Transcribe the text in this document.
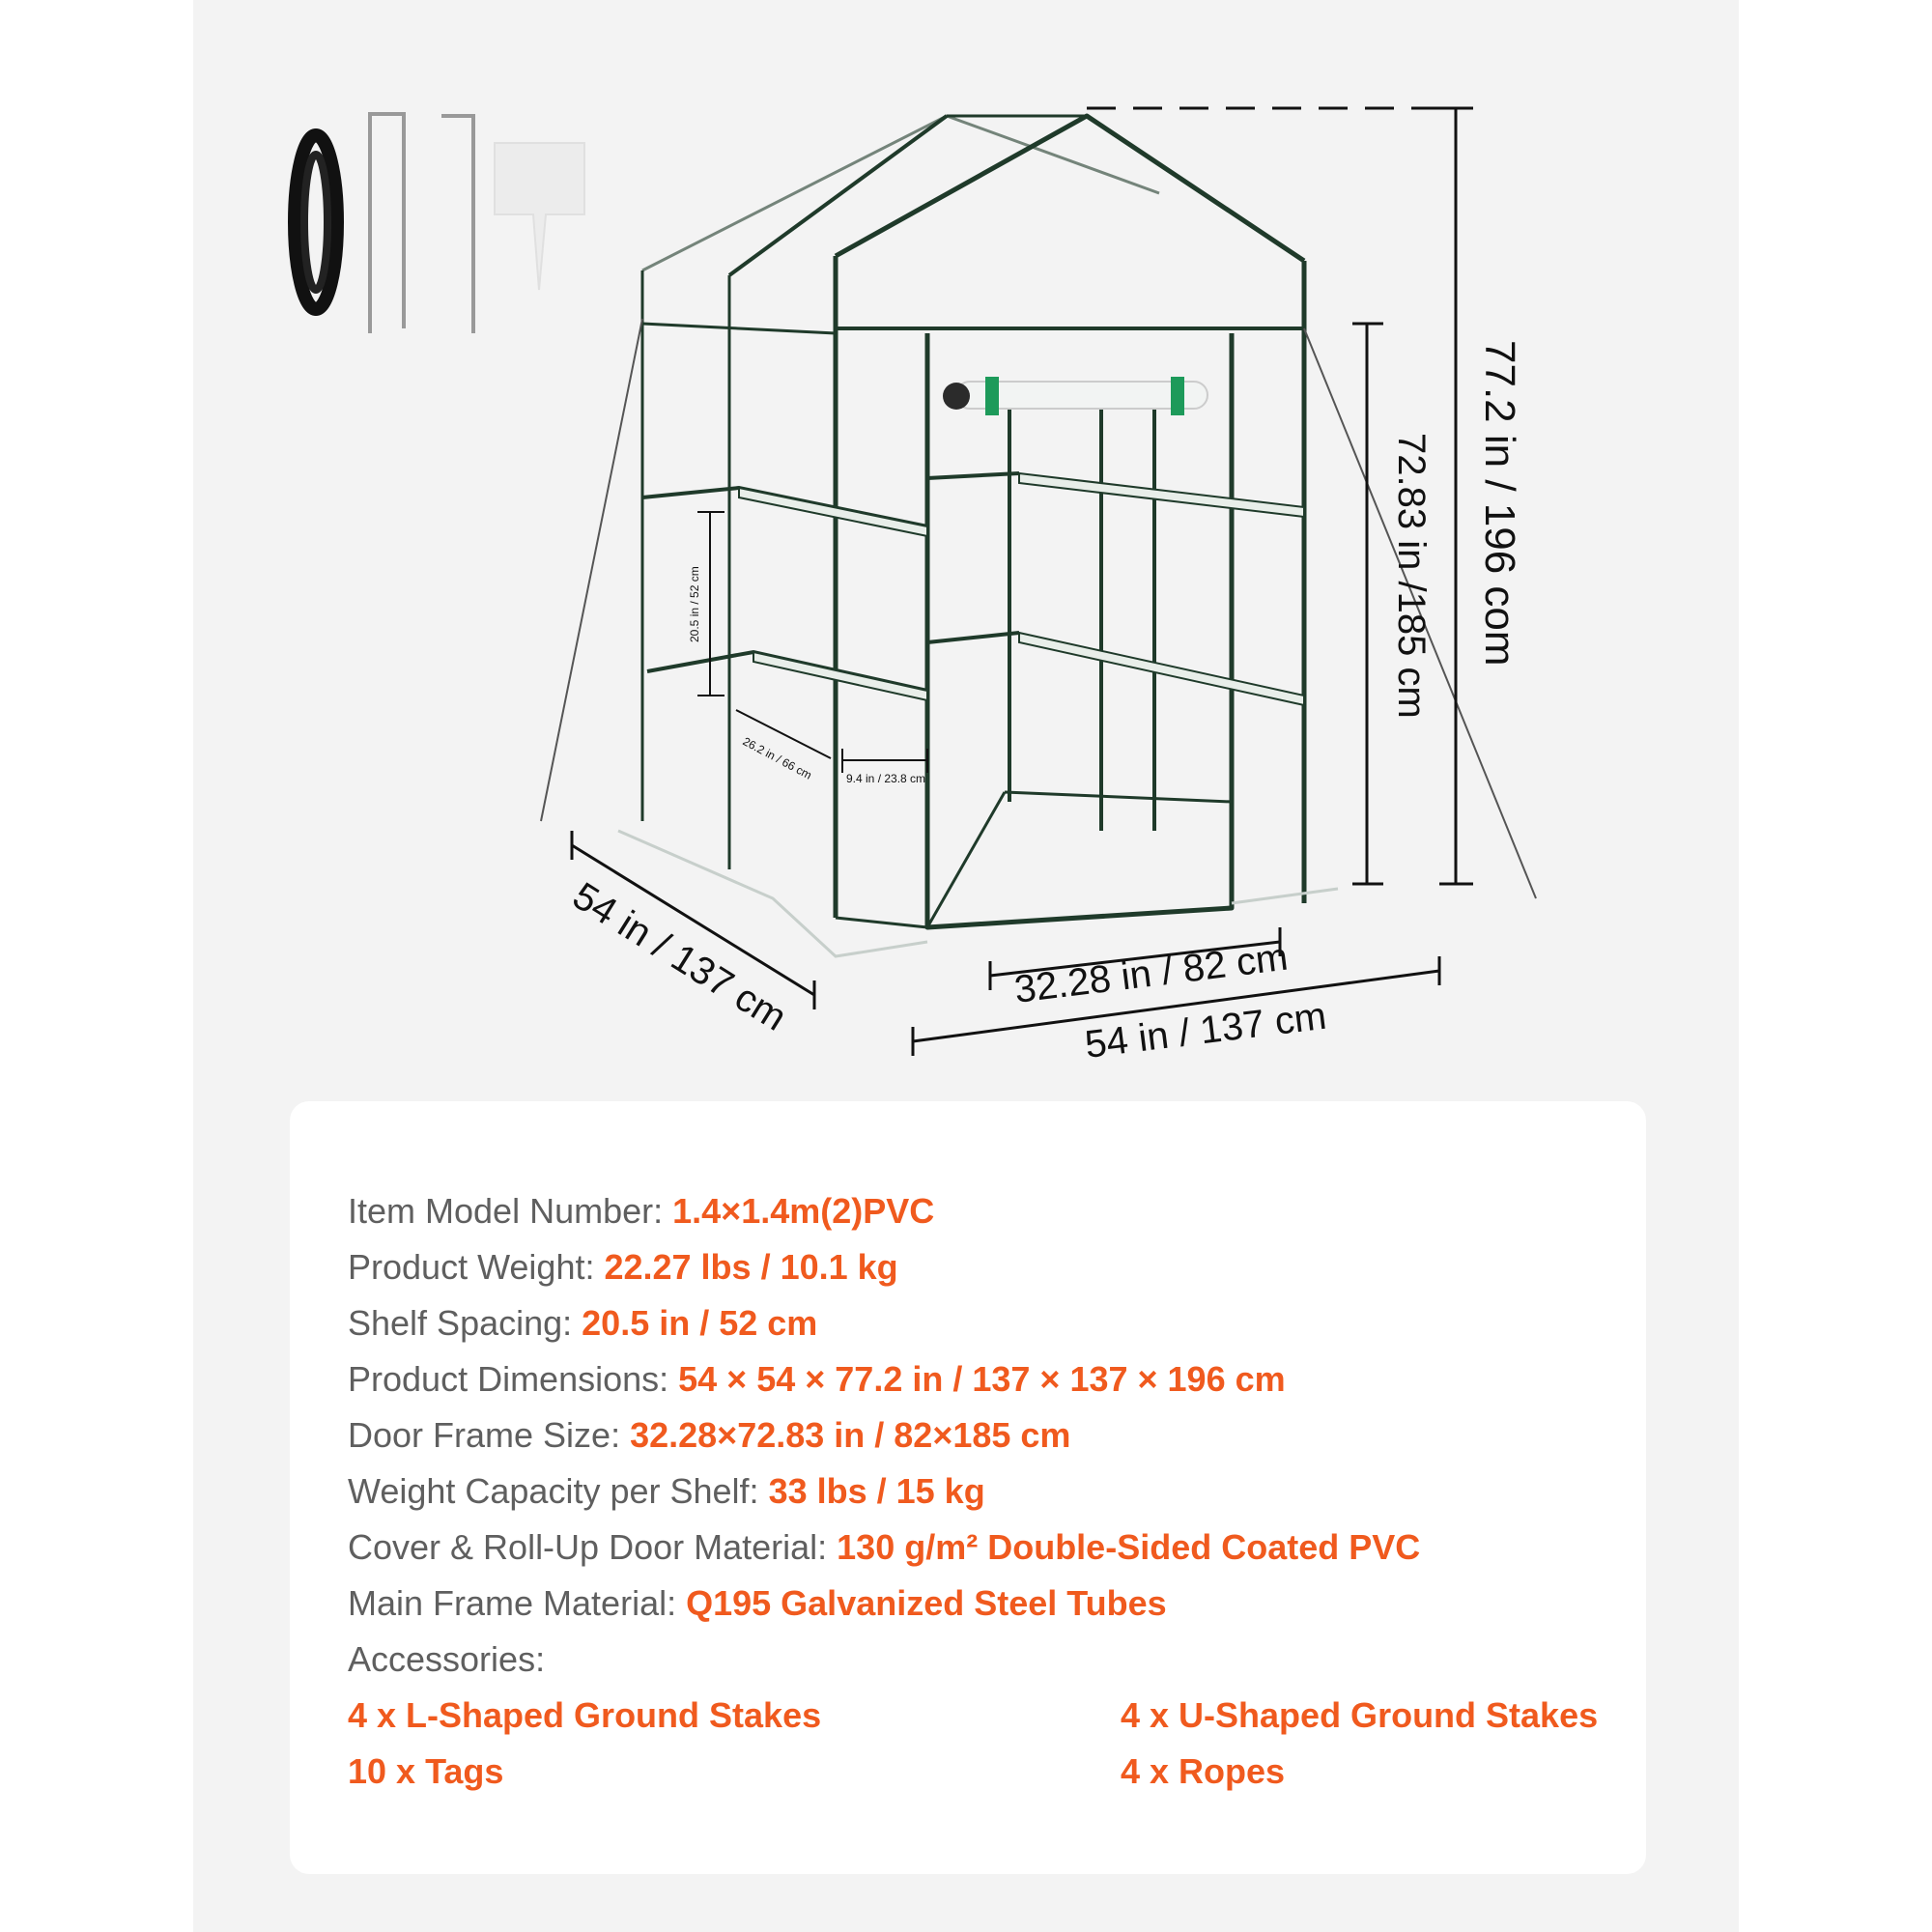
77.2 in / 196 com
72.83 in /185 cm
20.5 in / 52 cm
26.2 in / 66 cm	9.4 in / 23.8 cm
32.28 in / 82 cm
54 in / 137 cm
54 in / 137 cm
Item Model Number: 1.4×1.4m(2)PVC
Product Weight: 22.27 lbs / 10.1 kg
Shelf Spacing: 20.5 in / 52 cm
Product Dimensions: 54 × 54 × 77.2 in / 137 × 137 × 196 cm
Door Frame Size: 32.28×72.83 in / 82×185 cm
Weight Capacity per Shelf: 33 lbs / 15 kg
Cover & Roll-Up Door Material: 130 g/m² Double-Sided Coated PVC
Main Frame Material: Q195 Galvanized Steel Tubes
Accessories:
4 x L-Shaped Ground Stakes	4 x U-Shaped Ground Stakes
10 x Tags	4 x Ropes
